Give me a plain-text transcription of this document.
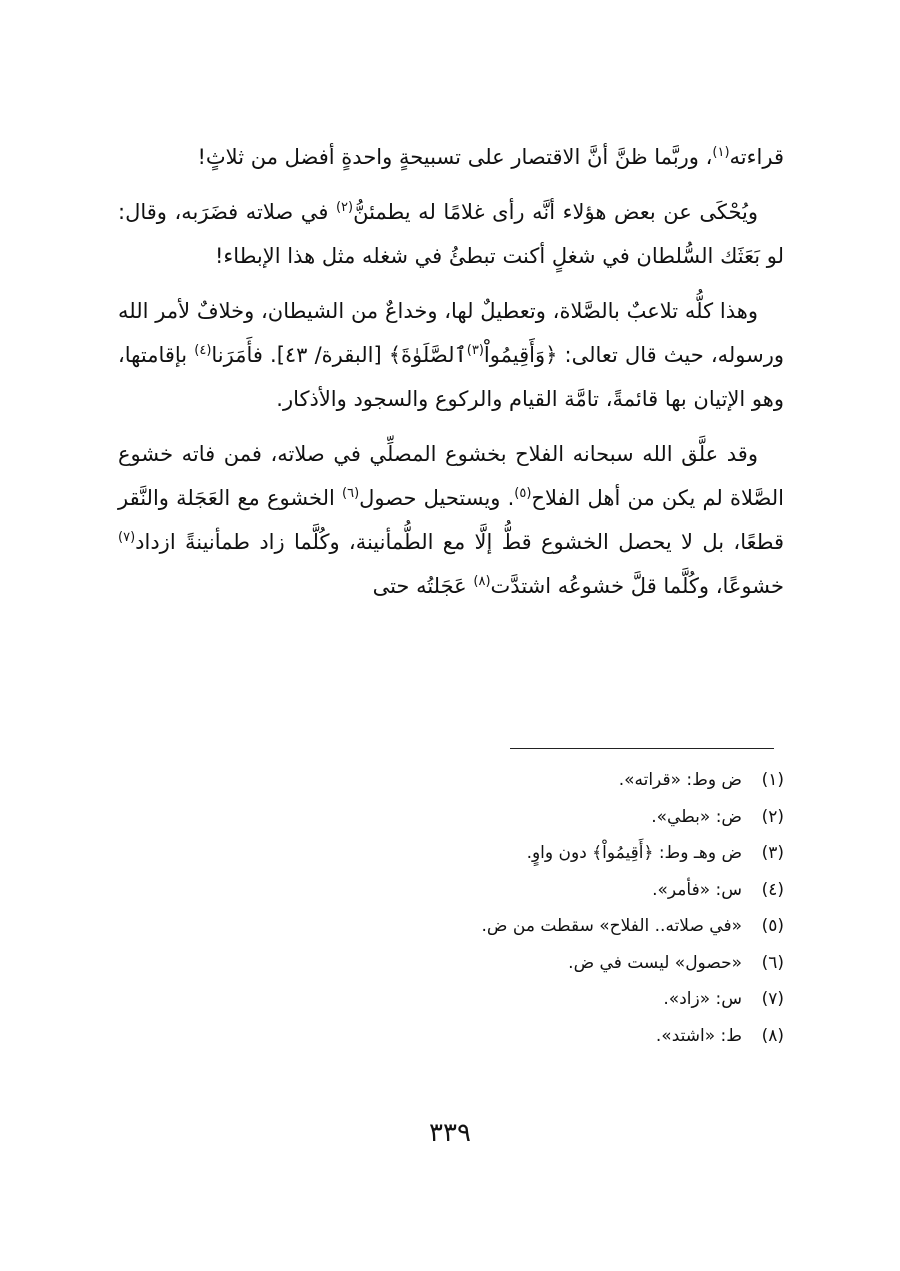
قراءته$^{(١)}$، وربَّما ظنَّ أنَّ الاقتصار على تسبيحةٍ واحدةٍ أفضل من ثلاثٍ!

ويُحْكَى عن بعض هؤلاء أنَّه رأى غلامًا له يطمئنُّ$^{(٢)}$ في صلاته فضَرَبه، وقال: لو بَعَثَك السُّلطان في شغلٍ أكنت تبطئُ في شغله مثل هذا الإبطاء!

وهذا كلُّه تلاعبٌ بالصَّلاة، وتعطيلٌ لها، وخداعٌ من الشيطان، وخلافٌ لأمر الله ورسوله، حيث قال تعالى: ﴿وَأَقِيمُواْ$^{(٣)}$ٱلصَّلَوٰةَ﴾ [البقرة/ ٤٣]. فأَمَرَنا$^{(٤)}$ بإقامتها، وهو الإتيان بها قائمةً، تامَّة القيام والركوع والسجود والأذكار.

وقد علَّق الله سبحانه الفلاح بخشوع المصلِّي في صلاته، فمن فاته خشوع الصَّلاة لم يكن من أهل الفلاح$^{(٥)}$. ويستحيل حصول$^{(٦)}$ الخشوع مع العَجَلة والنَّقر قطعًا، بل لا يحصل الخشوع قطُّ إلَّا مع الطُّمأنينة، وكُلَّما زاد طمأنينةً ازداد$^{(٧)}$ خشوعًا، وكُلَّما قلَّ خشوعُه اشتدَّت$^{(٨)}$ عَجَلتُه حتى

(١)ض وط: «قراته».
(٢)ض: «بطي».
(٣)ض وهـ وط: ﴿أَقِيمُواْ﴾ دون واوٍ.
(٤)س: «فأمر».
(٥)«في صلاته.. الفلاح» سقطت من ض.
(٦)«حصول» ليست في ض.
(٧)س: «زاد».
(٨)ط: «اشتد».
٣٣٩
